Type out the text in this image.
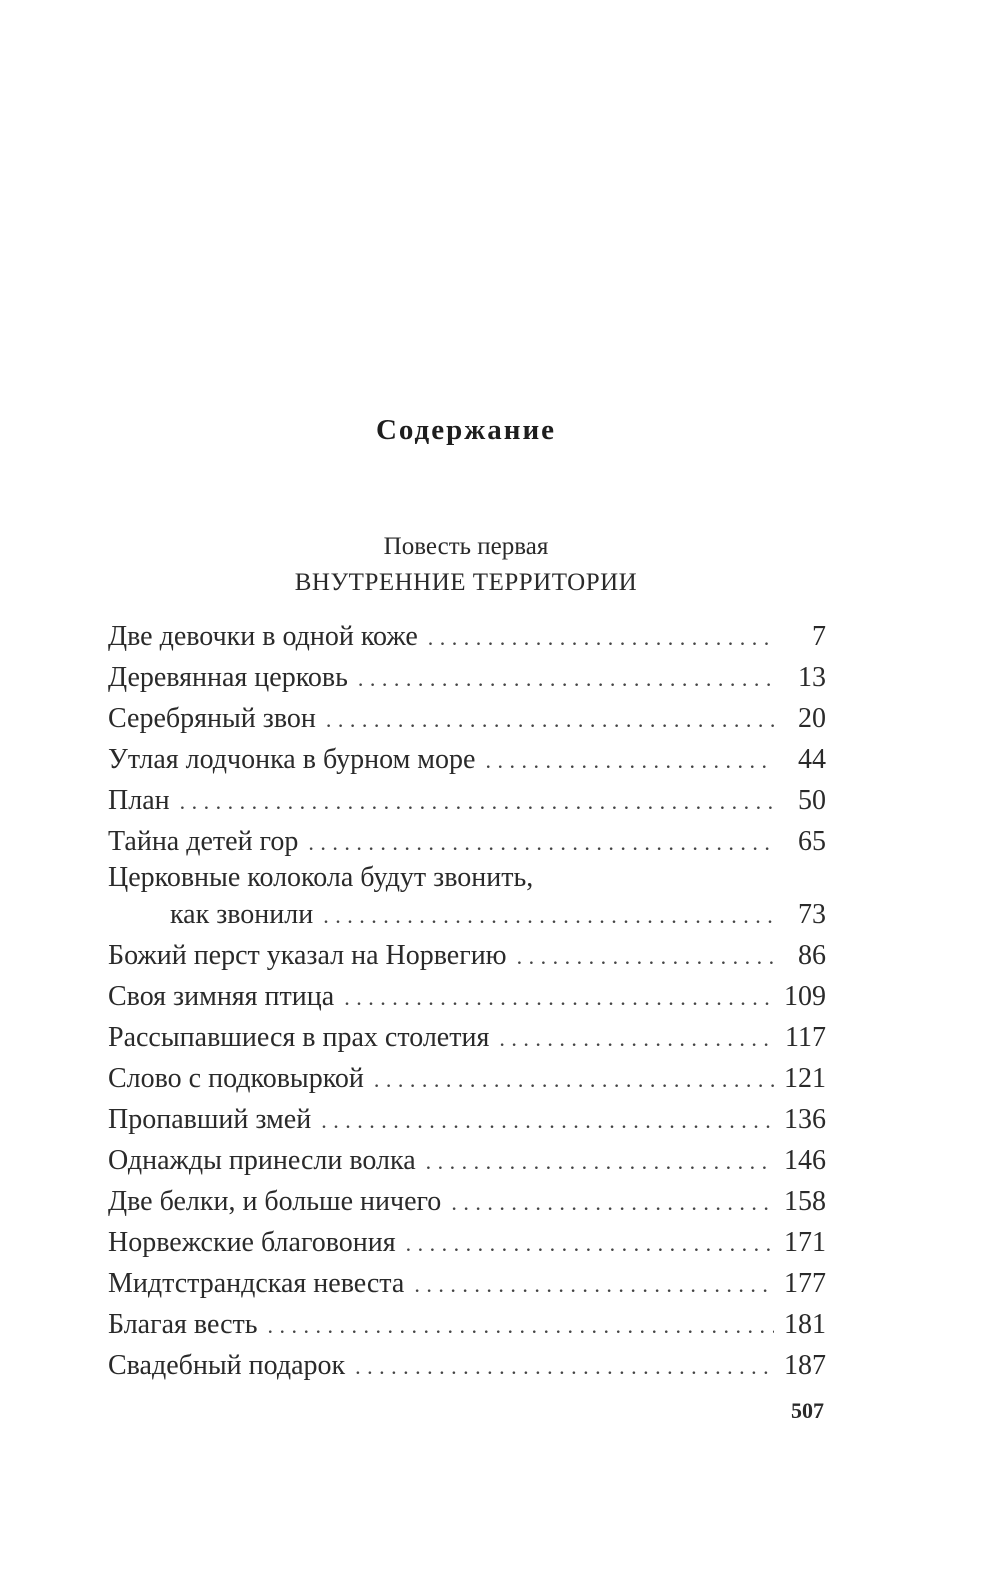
Содержание
Повесть первая
ВНУТРЕННИЕ ТЕРРИТОРИИ
Две девочки в одной коже . . .	7
Деревянная церковь . . .	13
Серебряный звон . . .	20
Утлая лодчонка в бурном море . . .	44
План . . .	50
Тайна детей гор . . .	65
Церковные колокола будут звонить,
как звонили . . .	73
Божий перст указал на Норвегию . . .	86
Своя зимняя птица . . .	109
Рассыпавшиеся в прах столетия . . .	117
Слово с подковыркой . . .	121
Пропавший змей . . .	136
Однажды принесли волка . . .	146
Две белки, и больше ничего . . .	158
Норвежские благовония . . .	171
Мидтстрандская невеста . . .	177
Благая весть . . .	181
Свадебный подарок . . .	187
507
